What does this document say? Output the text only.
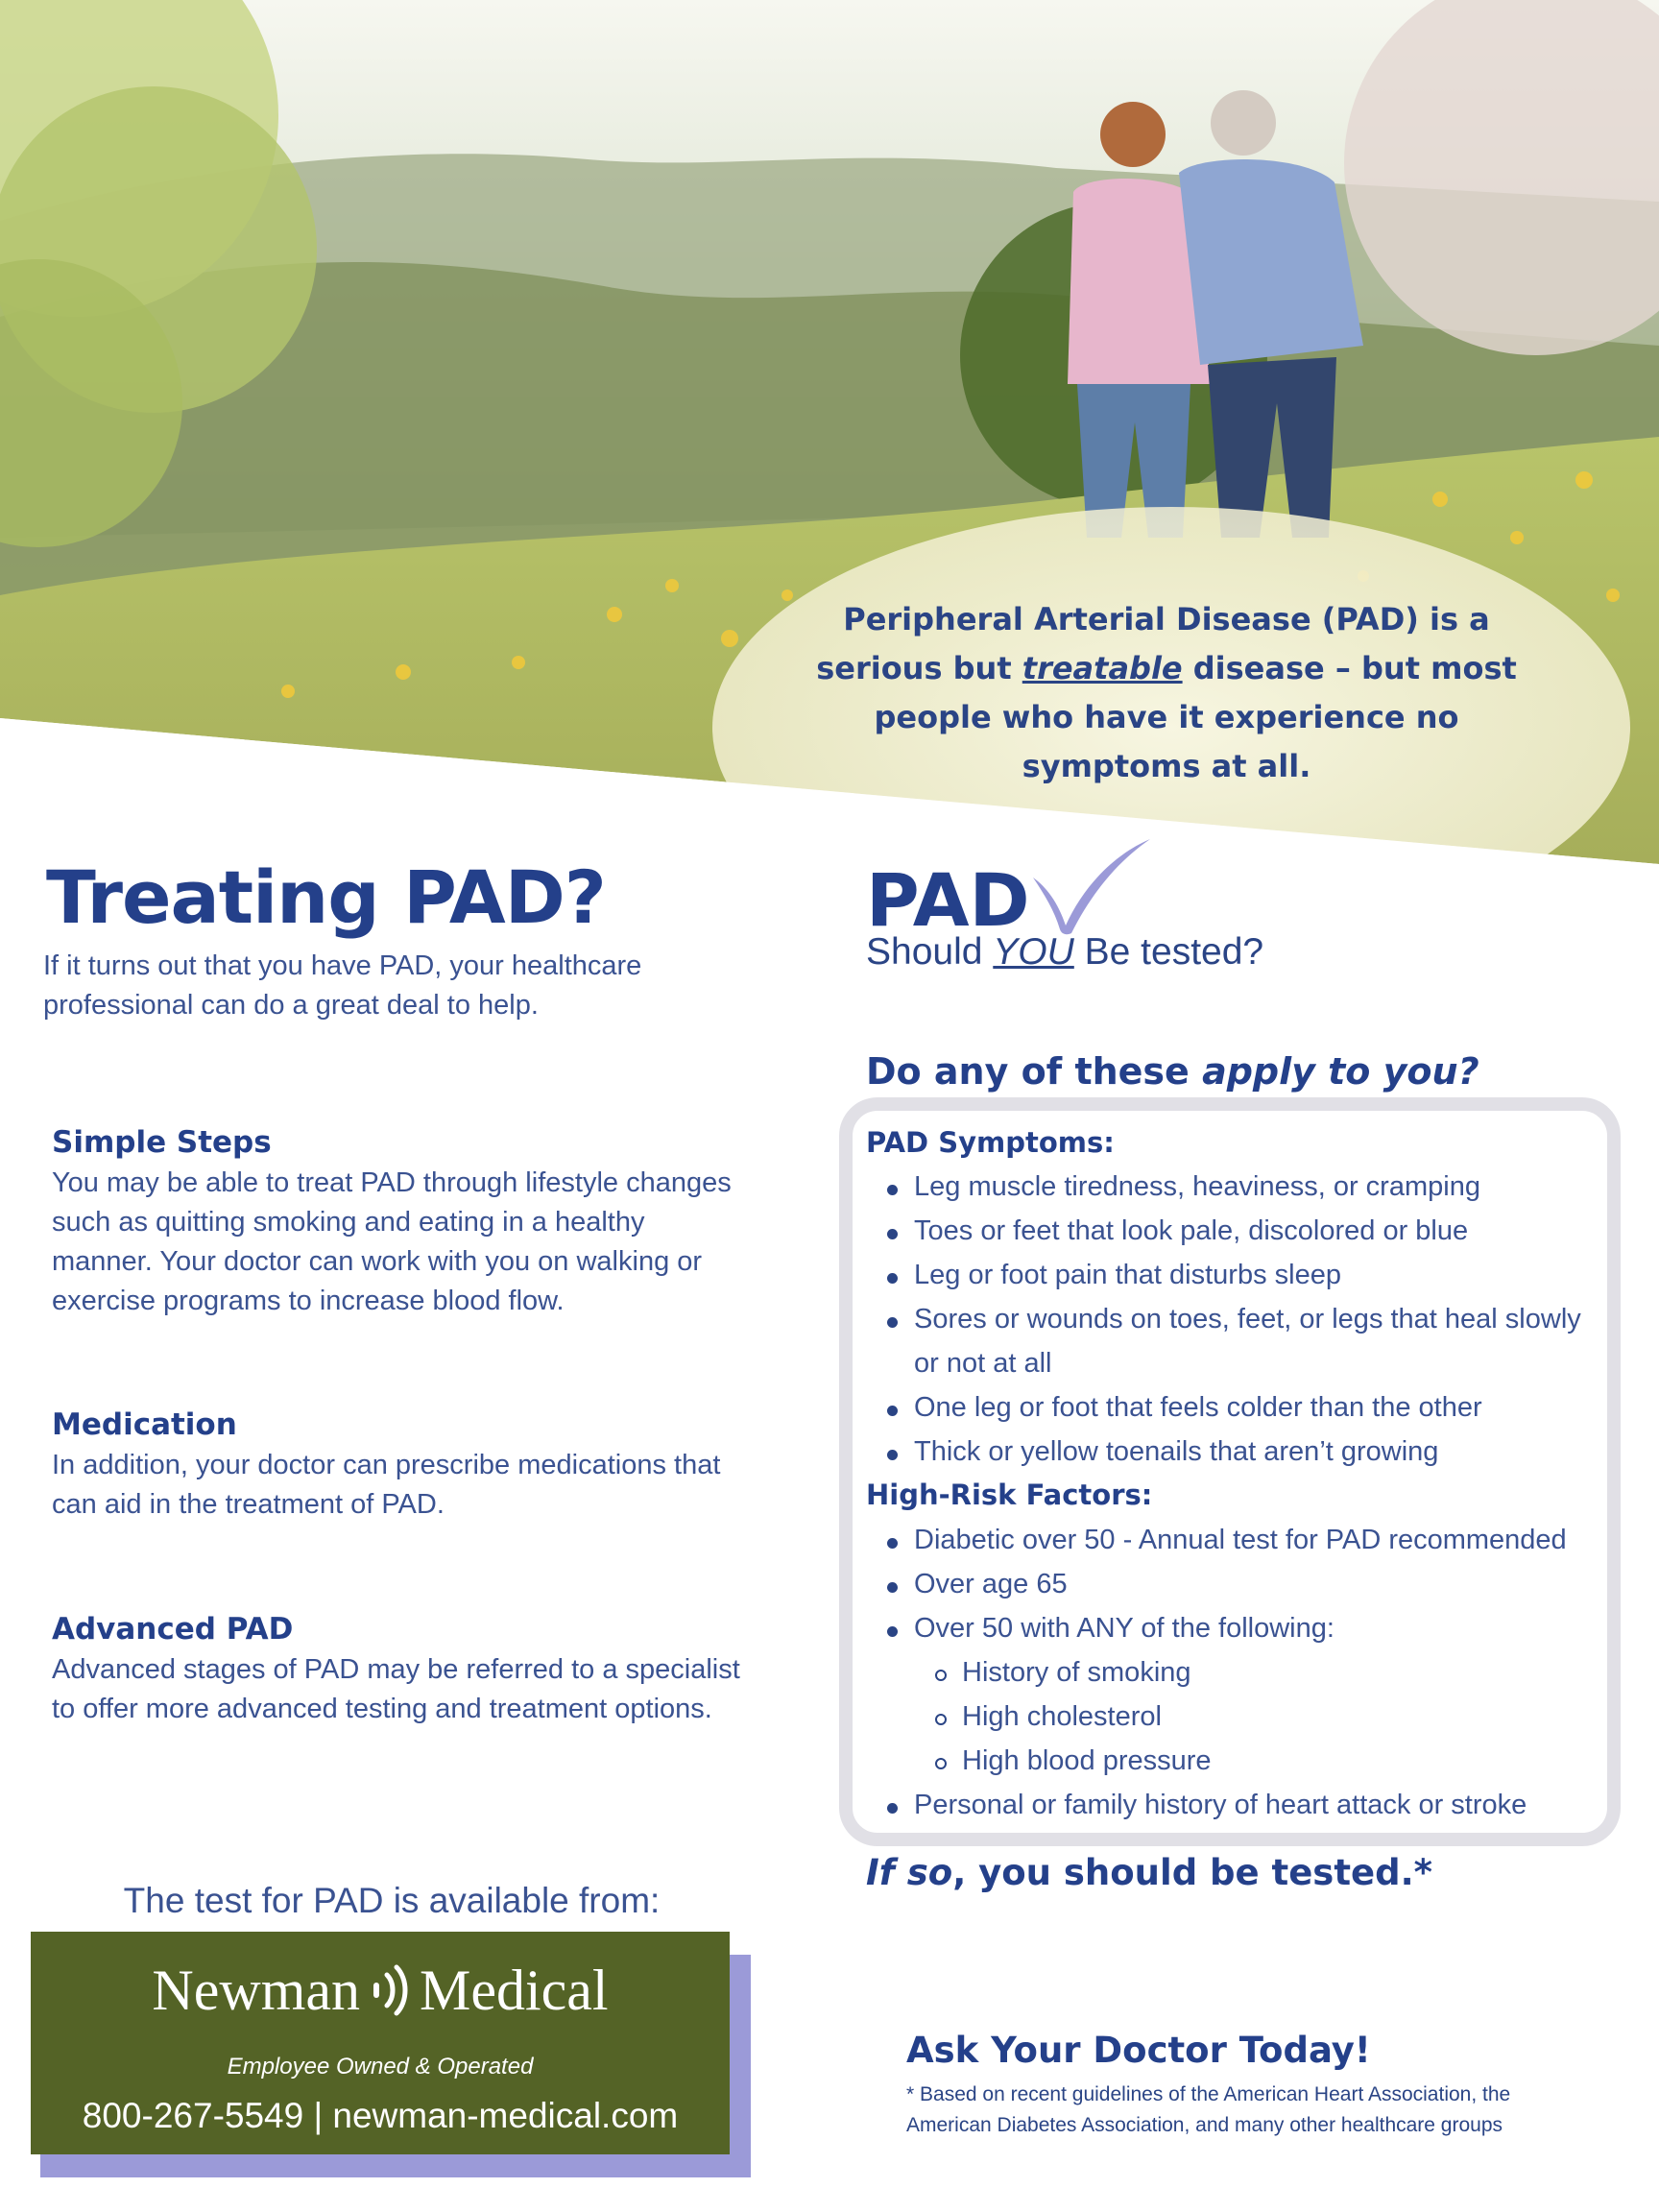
Peripheral Arterial Disease (PAD) is a
serious but treatable disease – but most
people who have it experience no
symptoms at all.
Treating PAD?

If it turns out that you have PAD, your healthcare professional can do a great deal to help.

Simple Steps

You may be able to treat PAD through lifestyle changes such as quitting smoking and eating in a healthy manner. Your doctor can work with you on walking or exercise programs to increase blood flow.

Medication

In addition, your doctor can prescribe medications that can aid in the treatment of PAD.

Advanced PAD

Advanced stages of PAD may be referred to a specialist to offer more advanced testing and treatment options.

The test for PAD is available from:

Newman Medical
Employee Owned & Operated
800-267-5549 | newman-medical.com
PAD
Should YOU Be tested?
Do any of these apply to you?
PAD Symptoms:
Leg muscle tiredness, heaviness, or cramping
Toes or feet that look pale, discolored or blue
Leg or foot pain that disturbs sleep
Sores or wounds on toes, feet, or legs that heal slowly
or not at all
One leg or foot that feels colder than the other
Thick or yellow toenails that aren’t growing
High-Risk Factors:
Diabetic over 50 - Annual test for PAD recommended
Over age 65
Over 50 with ANY of the following:
History of smoking
High cholesterol
High blood pressure
Personal or family history of heart attack or stroke
If so, you should be tested.*
Ask Your Doctor Today!

* Based on recent guidelines of the American Heart Association, the American Diabetes Association, and many other healthcare groups
